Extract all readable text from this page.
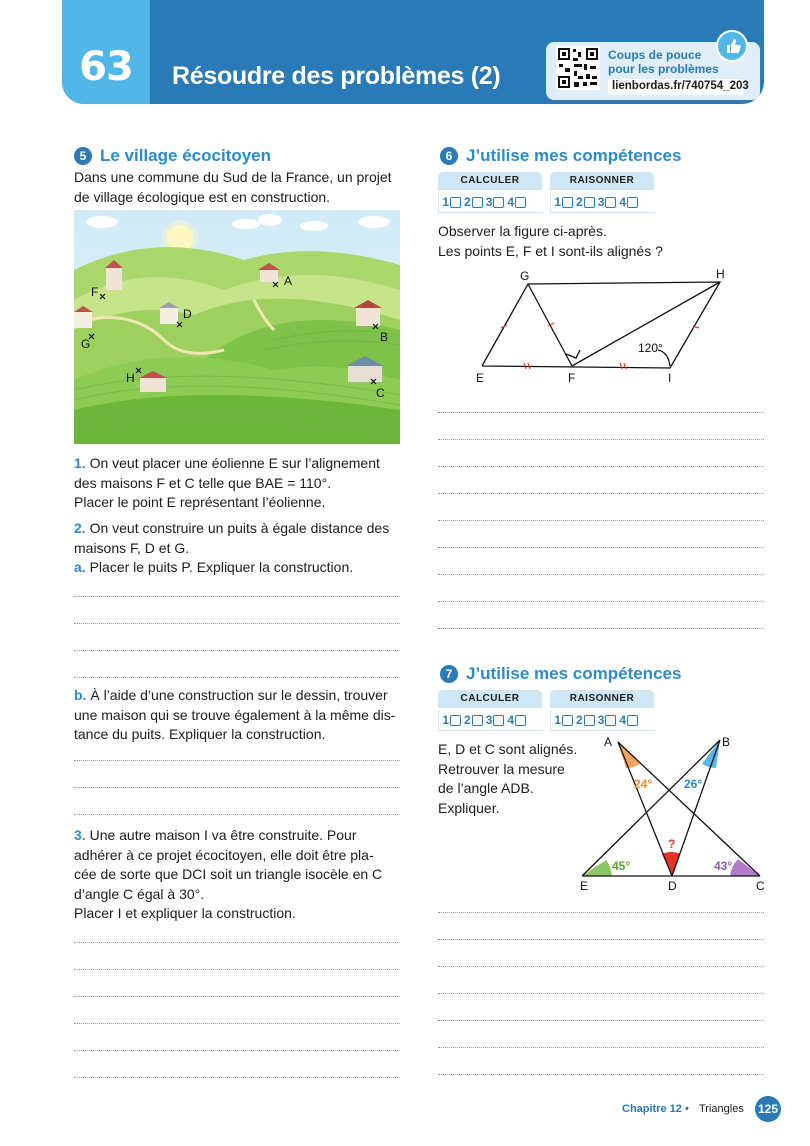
63	Résoudre des problèmes (2)
Coups de pouce
pour les problèmes
lienbordas.fr/740754_203
5 Le village écocitoyen
Dans une commune du Sud de la France, un projet
de village écologique est en construction.
A
F
D
G	B
C
H
1. On veut placer une éolienne E sur l’alignement
des maisons F et C telle que BAE = 110°.
Placer le point E représentant l’éolienne.
2. On veut construire un puits à égale distance des
maisons F, D et G.
a. Placer le puits P. Expliquer la construction.
b. À l’aide d’une construction sur le dessin, trouver
une maison qui se trouve également à la même dis-
tance du puits. Expliquer la construction.
3. Une autre maison I va être construite. Pour
adhérer à ce projet écocitoyen, elle doit être pla-
cée de sorte que DCI soit un triangle isocèle en C
d’angle C égal à 30°.
Placer I et expliquer la construction.
6 J’utilise mes compétences
CALCULER	RAISONNER
1 2 3 4	1 2 3 4
Observer la figure ci-après.
Les points E, F et I sont-ils alignés ?
G	H
E	F	I
120°
7 J’utilise mes compétences
CALCULER	RAISONNER
1 2 3 4	1 2 3 4
E, D et C sont alignés.
Retrouver la mesure
de l’angle ADB.
Expliquer.
A	B
E	D	C
24°	26°
45°	43°
?
Chapitre 12 • Triangles 125
